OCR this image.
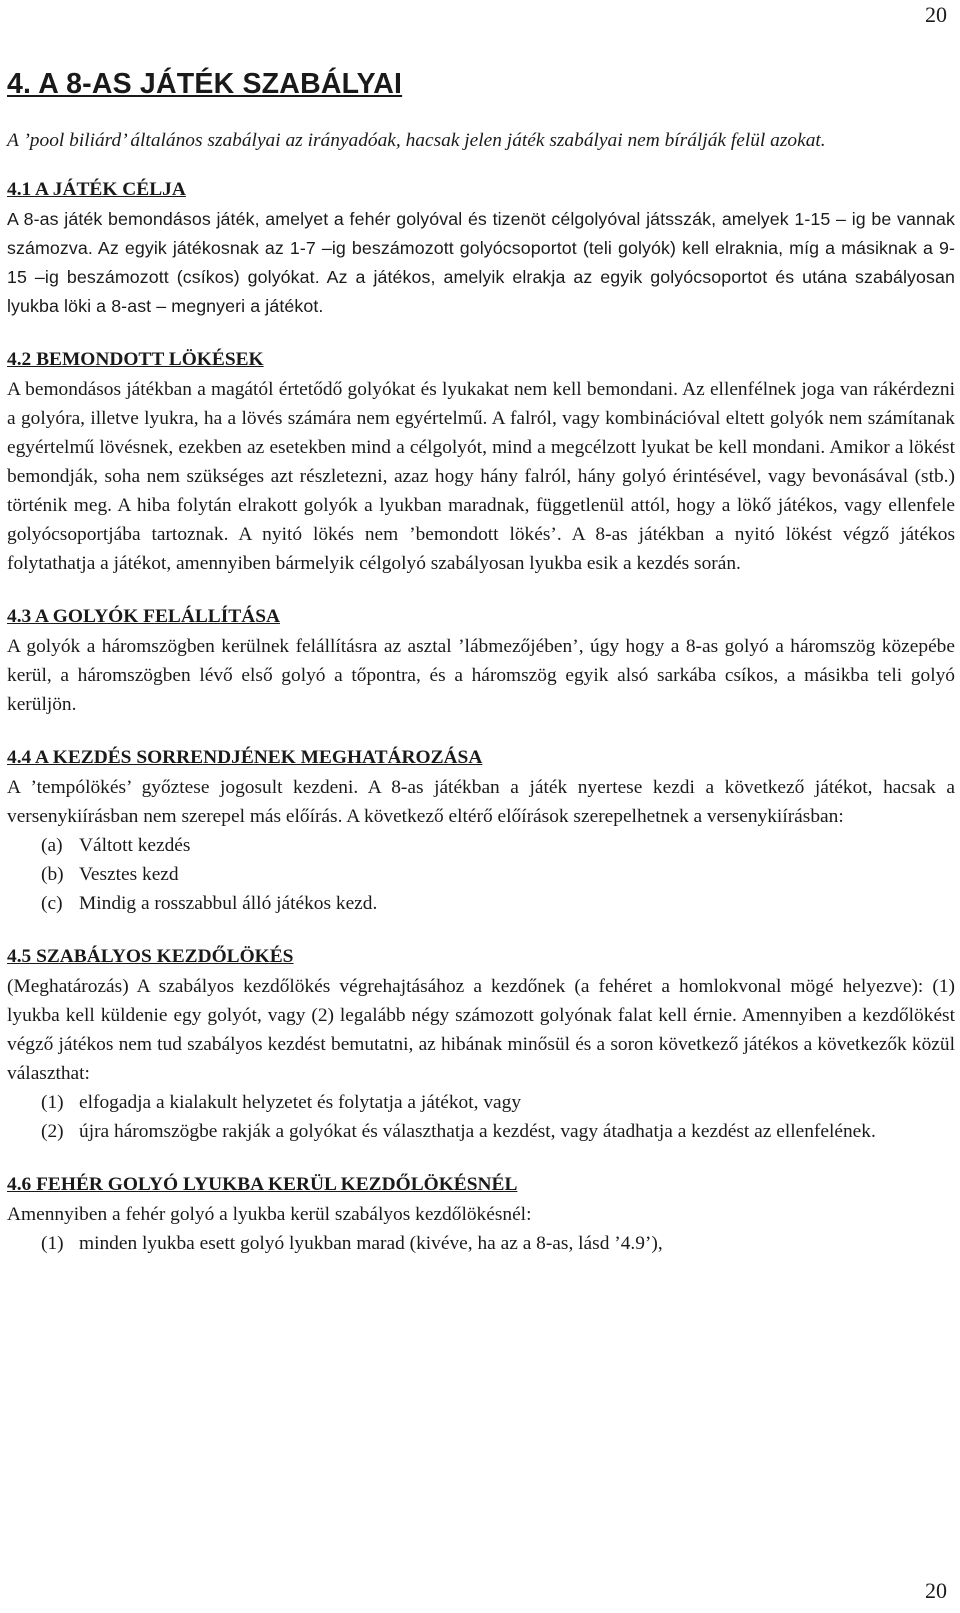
20
4. A 8-AS JÁTÉK SZABÁLYAI

A ’pool biliárd’ általános szabályai az irányadóak, hacsak jelen játék szabályai nem bírálják felül azokat.

4.1 A JÁTÉK CÉLJA

A 8-as játék bemondásos játék, amelyet a fehér golyóval és tizenöt célgolyóval játsszák, amelyek 1-15 – ig be vannak számozva. Az egyik játékosnak az 1-7 –ig beszámozott golyócsoportot (teli golyók) kell elraknia, míg a másiknak a 9-15 –ig beszámozott (csíkos) golyókat. Az a játékos, amelyik elrakja az egyik golyócsoportot és utána szabályosan lyukba löki a 8-ast – megnyeri a játékot.

4.2 BEMONDOTT LÖKÉSEK

A bemondásos játékban a magától értetődő golyókat és lyukakat nem kell bemondani. Az ellenfélnek joga van rákérdezni a golyóra, illetve lyukra, ha a lövés számára nem egyértelmű. A falról, vagy kombinációval eltett golyók nem számítanak egyértelmű lövésnek, ezekben az esetekben mind a célgolyót, mind a megcélzott lyukat be kell mondani. Amikor a lökést bemondják, soha nem szükséges azt részletezni, azaz hogy hány falról, hány golyó érintésével, vagy bevonásával (stb.) történik meg. A hiba folytán elrakott golyók a lyukban maradnak, függetlenül attól, hogy a lökő játékos, vagy ellenfele golyócsoportjába tartoznak. A nyitó lökés nem ’bemondott lökés’. A 8-as játékban a nyitó lökést végző játékos folytathatja a játékot, amennyiben bármelyik célgolyó szabályosan lyukba esik a kezdés során.

4.3 A GOLYÓK FELÁLLÍTÁSA

A golyók a háromszögben kerülnek felállításra az asztal ’lábmezőjében’, úgy hogy a 8-as golyó a háromszög közepébe kerül, a háromszögben lévő első golyó a tőpontra, és a háromszög egyik alsó sarkába csíkos, a másikba teli golyó kerüljön.

4.4 A KEZDÉS SORRENDJÉNEK MEGHATÁROZÁSA

A ’tempólökés’ győztese jogosult kezdeni. A 8-as játékban a játék nyertese kezdi a következő játékot, hacsak a versenykiírásban nem szerepel más előírás. A következő eltérő előírások szerepelhetnek a versenykiírásban:

(a) Váltott kezdés
(b) Vesztes kezd
(c) Mindig a rosszabbul álló játékos kezd.
4.5 SZABÁLYOS KEZDŐLÖKÉS

(Meghatározás) A szabályos kezdőlökés végrehajtásához a kezdőnek (a fehéret a homlokvonal mögé helyezve): (1) lyukba kell küldenie egy golyót, vagy (2) legalább négy számozott golyónak falat kell érnie. Amennyiben a kezdőlökést végző játékos nem tud szabályos kezdést bemutatni, az hibának minősül és a soron következő játékos a következők közül választhat:

(1) elfogadja a kialakult helyzetet és folytatja a játékot, vagy
(2) újra háromszögbe rakják a golyókat és választhatja a kezdést, vagy átadhatja a kezdést az ellenfelének.
4.6 FEHÉR GOLYÓ LYUKBA KERÜL KEZDŐLÖKÉSNÉL

Amennyiben a fehér golyó a lyukba kerül szabályos kezdőlökésnél:

(1) minden lyukba esett golyó lyukban marad (kivéve, ha az a 8-as, lásd ’4.9’),
20
